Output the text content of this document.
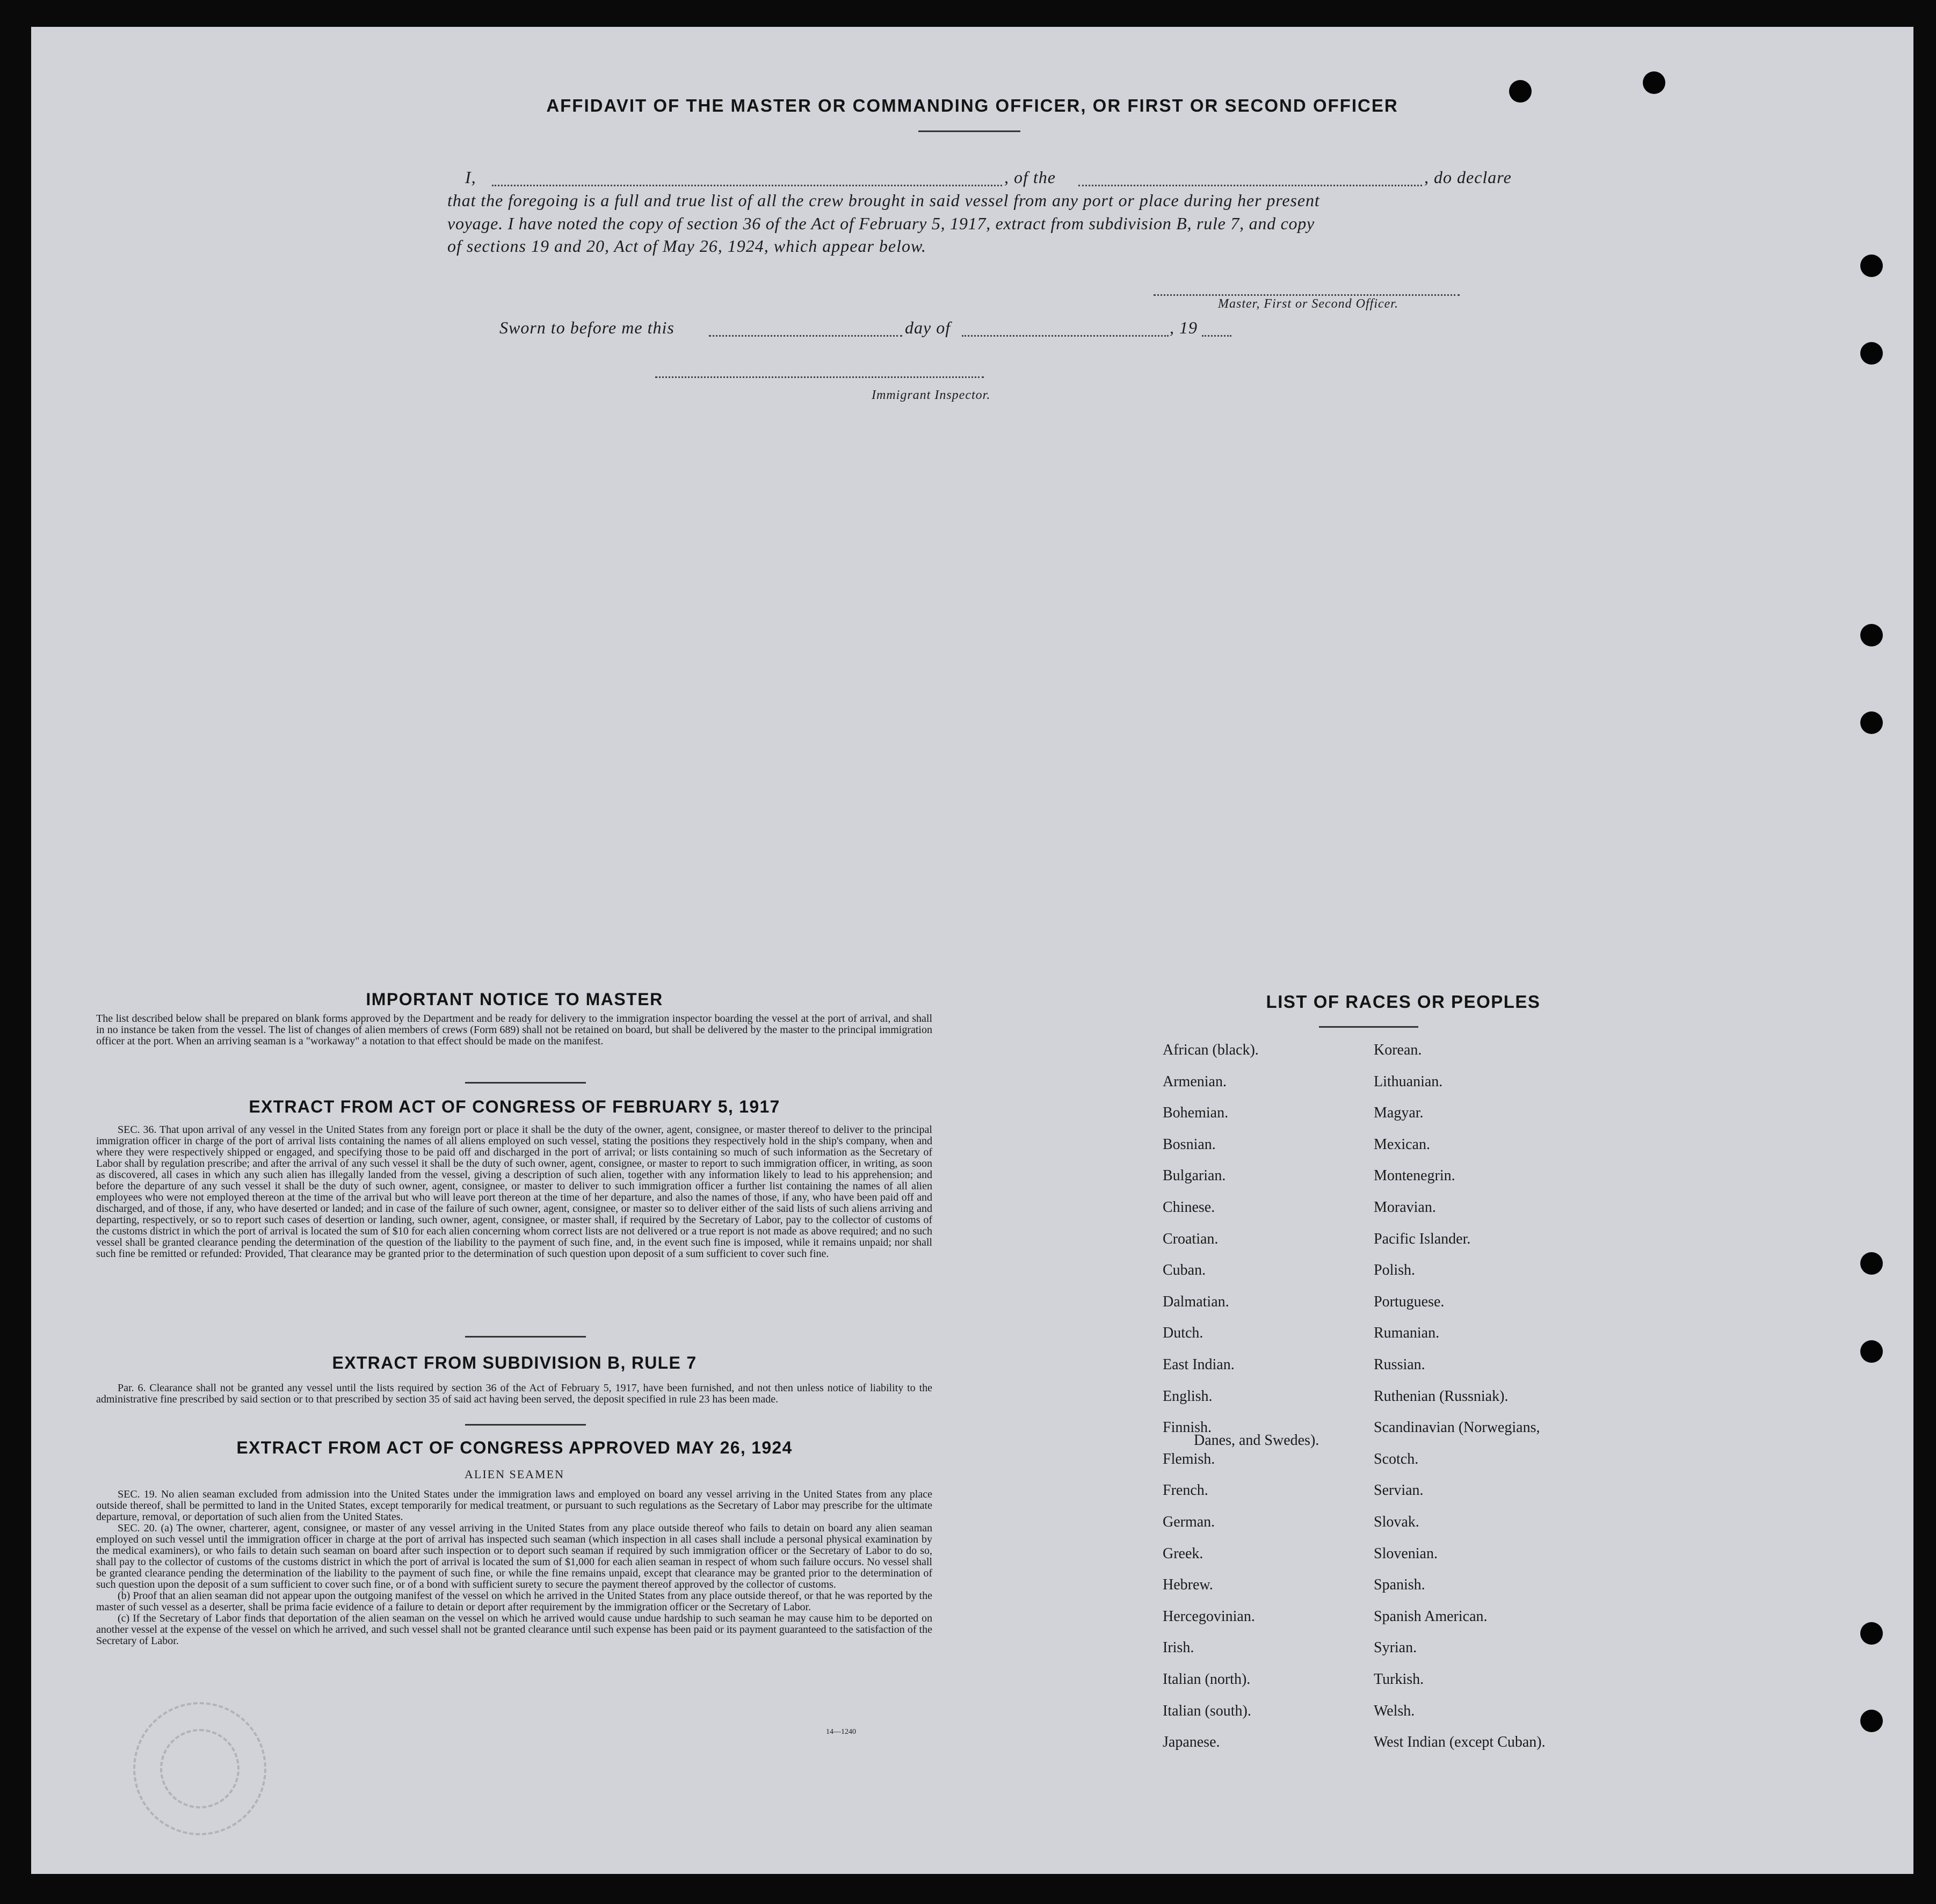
AFFIDAVIT OF THE MASTER OR COMMANDING OFFICER, OR FIRST OR SECOND OFFICER
I,	, of the	, do declare
that the foregoing is a full and true list of all the crew brought in said vessel from any port or place during her present
voyage. I have noted the copy of section 36 of the Act of February 5, 1917, extract from subdivision B, rule 7, and copy
of sections 19 and 20, Act of May 26, 1924, which appear below.
Master, First or Second Officer.
Sworn to before me this	day of	, 19
Immigrant Inspector.
IMPORTANT NOTICE TO MASTER
The list described below shall be prepared on blank forms approved by the Department and be ready for delivery to the immigration inspector boarding the vessel at the port of arrival, and shall in no instance be taken from the vessel. The list of changes of alien members of crews (Form 689) shall not be retained on board, but shall be delivered by the master to the principal immigration officer at the port. When an arriving seaman is a "workaway" a notation to that effect should be made on the manifest.
EXTRACT FROM ACT OF CONGRESS OF FEBRUARY 5, 1917
SEC. 36. That upon arrival of any vessel in the United States from any foreign port or place it shall be the duty of the owner, agent, consignee, or master thereof to deliver to the principal immigration officer in charge of the port of arrival lists containing the names of all aliens employed on such vessel, stating the positions they respectively hold in the ship's company, when and where they were respectively shipped or engaged, and specifying those to be paid off and discharged in the port of arrival; or lists containing so much of such information as the Secretary of Labor shall by regulation prescribe; and after the arrival of any such vessel it shall be the duty of such owner, agent, consignee, or master to report to such immigration officer, in writing, as soon as discovered, all cases in which any such alien has illegally landed from the vessel, giving a description of such alien, together with any information likely to lead to his apprehension; and before the departure of any such vessel it shall be the duty of such owner, agent, consignee, or master to deliver to such immigration officer a further list containing the names of all alien employees who were not employed thereon at the time of the arrival but who will leave port thereon at the time of her departure, and also the names of those, if any, who have been paid off and discharged, and of those, if any, who have deserted or landed; and in case of the failure of such owner, agent, consignee, or master so to deliver either of the said lists of such aliens arriving and departing, respectively, or so to report such cases of desertion or landing, such owner, agent, consignee, or master shall, if required by the Secretary of Labor, pay to the collector of customs of the customs district in which the port of arrival is located the sum of $10 for each alien concerning whom correct lists are not delivered or a true report is not made as above required; and no such vessel shall be granted clearance pending the determination of the question of the liability to the payment of such fine, and, in the event such fine is imposed, while it remains unpaid; nor shall such fine be remitted or refunded: Provided, That clearance may be granted prior to the determination of such question upon deposit of a sum sufficient to cover such fine.
EXTRACT FROM SUBDIVISION B, RULE 7
Par. 6. Clearance shall not be granted any vessel until the lists required by section 36 of the Act of February 5, 1917, have been furnished, and not then unless notice of liability to the administrative fine prescribed by said section or to that prescribed by section 35 of said act having been served, the deposit specified in rule 23 has been made.
EXTRACT FROM ACT OF CONGRESS APPROVED MAY 26, 1924
ALIEN SEAMEN
SEC. 19. No alien seaman excluded from admission into the United States under the immigration laws and employed on board any vessel arriving in the United States from any place outside thereof, shall be permitted to land in the United States, except temporarily for medical treatment, or pursuant to such regulations as the Secretary of Labor may prescribe for the ultimate departure, removal, or deportation of such alien from the United States.
SEC. 20. (a) The owner, charterer, agent, consignee, or master of any vessel arriving in the United States from any place outside thereof who fails to detain on board any alien seaman employed on such vessel until the immigration officer in charge at the port of arrival has inspected such seaman (which inspection in all cases shall include a personal physical examination by the medical examiners), or who fails to detain such seaman on board after such inspection or to deport such seaman if required by such immigration officer or the Secretary of Labor to do so, shall pay to the collector of customs of the customs district in which the port of arrival is located the sum of $1,000 for each alien seaman in respect of whom such failure occurs. No vessel shall be granted clearance pending the determination of the liability to the payment of such fine, or while the fine remains unpaid, except that clearance may be granted prior to the determination of such question upon the deposit of a sum sufficient to cover such fine, or of a bond with sufficient surety to secure the payment thereof approved by the collector of customs.
(b) Proof that an alien seaman did not appear upon the outgoing manifest of the vessel on which he arrived in the United States from any place outside thereof, or that he was reported by the master of such vessel as a deserter, shall be prima facie evidence of a failure to detain or deport after requirement by the immigration officer or the Secretary of Labor.
(c) If the Secretary of Labor finds that deportation of the alien seaman on the vessel on which he arrived would cause undue hardship to such seaman he may cause him to be deported on another vessel at the expense of the vessel on which he arrived, and such vessel shall not be granted clearance until such expense has been paid or its payment guaranteed to the satisfaction of the Secretary of Labor.
14—1240
LIST OF RACES OR PEOPLES
African (black).
Armenian.
Bohemian.
Bosnian.
Bulgarian.
Chinese.
Croatian.
Cuban.
Dalmatian.
Dutch.
East Indian.
English.
Finnish.
Flemish.
French.
German.
Greek.
Hebrew.
Hercegovinian.
Irish.
Italian (north).
Italian (south).
Japanese.
Korean.
Lithuanian.
Magyar.
Mexican.
Montenegrin.
Moravian.
Pacific Islander.
Polish.
Portuguese.
Rumanian.
Russian.
Ruthenian (Russniak).
Scandinavian (Norwegians,
Danes, and Swedes).
Scotch.
Servian.
Slovak.
Slovenian.
Spanish.
Spanish American.
Syrian.
Turkish.
Welsh.
West Indian (except Cuban).
